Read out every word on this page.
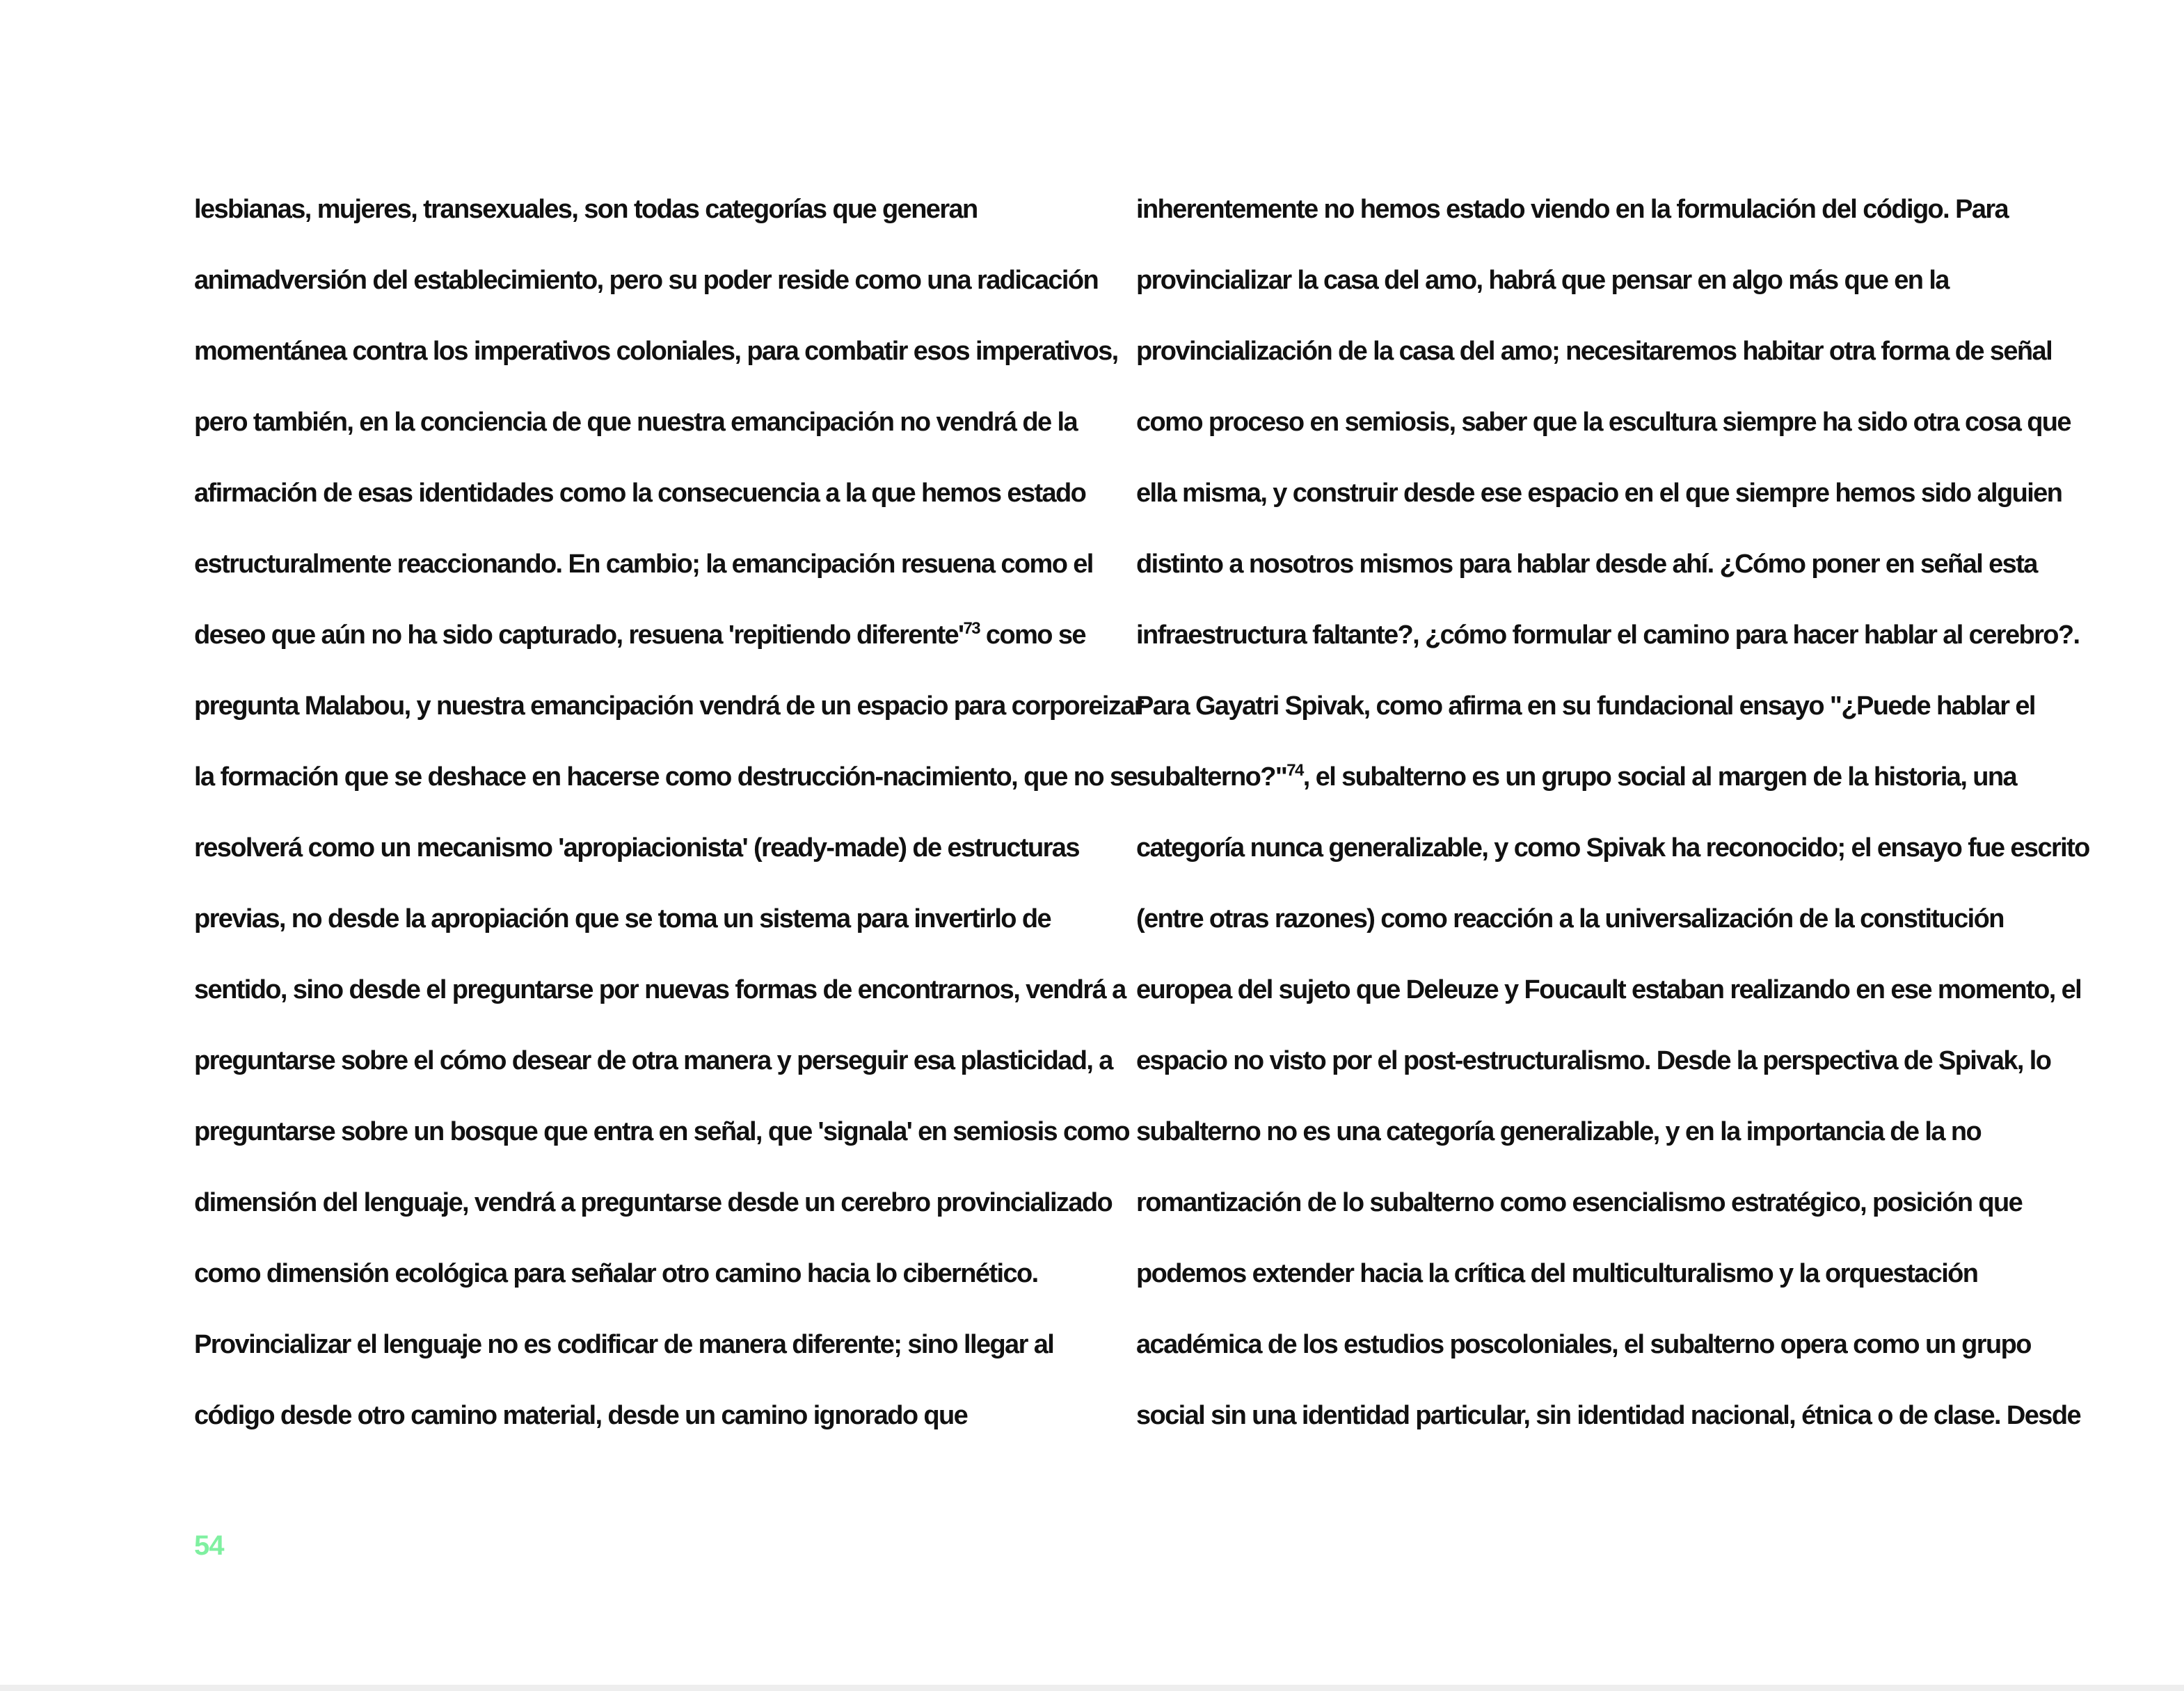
lesbianas, mujeres, transexuales, son todas categorías que generan
animadversión del establecimiento, pero su poder reside como una radicación
momentánea contra los imperativos coloniales, para combatir esos imperativos,
pero también, en la conciencia de que nuestra emancipación no vendrá de la
afirmación de esas identidades como la consecuencia a la que hemos estado
estructuralmente reaccionando. En cambio; la emancipación resuena como el
deseo que aún no ha sido capturado, resuena 'repitiendo $diferente'^{73}$ como se
pregunta Malabou, y nuestra emancipación vendrá de un espacio para corporeizar
la formación que se deshace en hacerse como destrucción-nacimiento, que no se
resolverá como un mecanismo 'apropiacionista' (ready-made) de estructuras
previas, no desde la apropiación que se toma un sistema para invertirlo de
sentido, sino desde el preguntarse por nuevas formas de encontrarnos, vendrá a
preguntarse sobre el cómo desear de otra manera y perseguir esa plasticidad, a
preguntarse sobre un bosque que entra en señal, que 'signala' en semiosis como
dimensión del lenguaje, vendrá a preguntarse desde un cerebro provincializado
como dimensión ecológica para señalar otro camino hacia lo cibernético.
Provincializar el lenguaje no es codificar de manera diferente; sino llegar al
código desde otro camino material, desde un camino ignorado que
inherentemente no hemos estado viendo en la formulación del código. Para
provincializar la casa del amo, habrá que pensar en algo más que en la
provincialización de la casa del amo; necesitaremos habitar otra forma de señal
como proceso en semiosis, saber que la escultura siempre ha sido otra cosa que
ella misma, y construir desde ese espacio en el que siempre hemos sido alguien
distinto a nosotros mismos para hablar desde ahí. ¿Cómo poner en señal esta
infraestructura faltante?, ¿cómo formular el camino para hacer hablar al cerebro?.
Para Gayatri Spivak, como afirma en su fundacional ensayo "¿Puede hablar el
subalterno?"$^{74}$, el subalterno es un grupo social al margen de la historia, una
categoría nunca generalizable, y como Spivak ha reconocido; el ensayo fue escrito
(entre otras razones) como reacción a la universalización de la constitución
europea del sujeto que Deleuze y Foucault estaban realizando en ese momento, el
espacio no visto por el post-estructuralismo. Desde la perspectiva de Spivak, lo
subalterno no es una categoría generalizable, y en la importancia de la no
romantización de lo subalterno como esencialismo estratégico, posición que
podemos extender hacia la crítica del multiculturalismo y la orquestación
académica de los estudios poscoloniales, el subalterno opera como un grupo
social sin una identidad particular, sin identidad nacional, étnica o de clase. Desde
54
